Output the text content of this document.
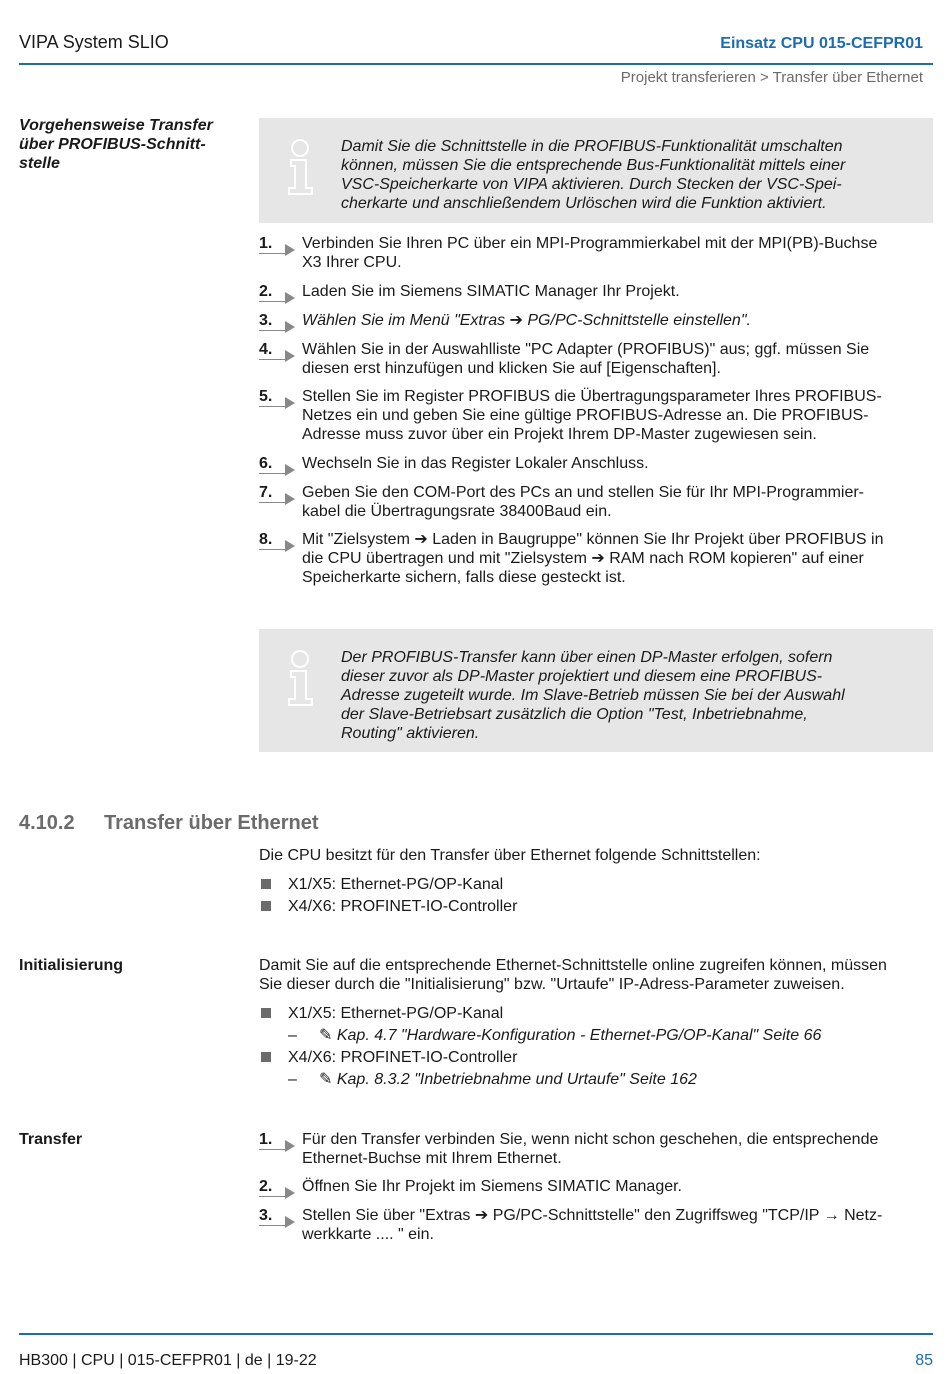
VIPA System SLIO	Einsatz CPU 015-CEFPR01
Projekt transferieren > Transfer über Ethernet
Vorgehensweise Transfer
über PROFIBUS-Schnitt-
stelle
Damit Sie die Schnittstelle in die PROFIBUS-Funktionalität umschalten
können, müssen Sie die entsprechende Bus-Funktionalität mittels einer
VSC-Speicherkarte von VIPA aktivieren. Durch Stecken der VSC-Spei-
cherkarte und anschließendem Urlöschen wird die Funktion aktiviert.
1.	Verbinden Sie Ihren PC über ein MPI-Programmierkabel mit der MPI(PB)-Buchse
X3 Ihrer CPU.
2.	Laden Sie im Siemens SIMATIC Manager Ihr Projekt.
3.	Wählen Sie im Menü "Extras ➔ PG/PC-Schnittstelle einstellen".
4.	Wählen Sie in der Auswahlliste "PC Adapter (PROFIBUS)" aus; ggf. müssen Sie
diesen erst hinzufügen und klicken Sie auf [Eigenschaften].
5.	Stellen Sie im Register PROFIBUS die Übertragungsparameter Ihres PROFIBUS-
Netzes ein und geben Sie eine gültige PROFIBUS-Adresse an. Die PROFIBUS-
Adresse muss zuvor über ein Projekt Ihrem DP-Master zugewiesen sein.
6.	Wechseln Sie in das Register Lokaler Anschluss.
7.	Geben Sie den COM-Port des PCs an und stellen Sie für Ihr MPI-Programmier-
kabel die Übertragungsrate 38400Baud ein.
8.	Mit "Zielsystem ➔ Laden in Baugruppe" können Sie Ihr Projekt über PROFIBUS in
die CPU übertragen und mit "Zielsystem ➔ RAM nach ROM kopieren" auf einer
Speicherkarte sichern, falls diese gesteckt ist.
Der PROFIBUS-Transfer kann über einen DP-Master erfolgen, sofern
dieser zuvor als DP-Master projektiert und diesem eine PROFIBUS-
Adresse zugeteilt wurde. Im Slave-Betrieb müssen Sie bei der Auswahl
der Slave-Betriebsart zusätzlich die Option "Test, Inbetriebnahme,
Routing" aktivieren.
4.10.2 Transfer über Ethernet
Die CPU besitzt für den Transfer über Ethernet folgende Schnittstellen:
X1/X5: Ethernet-PG/OP-Kanal
X4/X6: PROFINET-IO-Controller
Initialisierung	Damit Sie auf die entsprechende Ethernet-Schnittstelle online zugreifen können, müssen
Sie dieser durch die "Initialisierung" bzw. "Urtaufe" IP-Adress-Parameter zuweisen.
X1/X5: Ethernet-PG/OP-Kanal
– ✎ Kap. 4.7 "Hardware-Konfiguration - Ethernet-PG/OP-Kanal" Seite 66
X4/X6: PROFINET-IO-Controller
– ✎ Kap. 8.3.2 "Inbetriebnahme und Urtaufe" Seite 162
Transfer	1.	Für den Transfer verbinden Sie, wenn nicht schon geschehen, die entsprechende
Ethernet-Buchse mit Ihrem Ethernet.
2.	Öffnen Sie Ihr Projekt im Siemens SIMATIC Manager.
3.	Stellen Sie über "Extras ➔ PG/PC-Schnittstelle" den Zugriffsweg "TCP/IP → Netz-
werkkarte .... " ein.
HB300 | CPU | 015-CEFPR01 | de | 19-22	85
